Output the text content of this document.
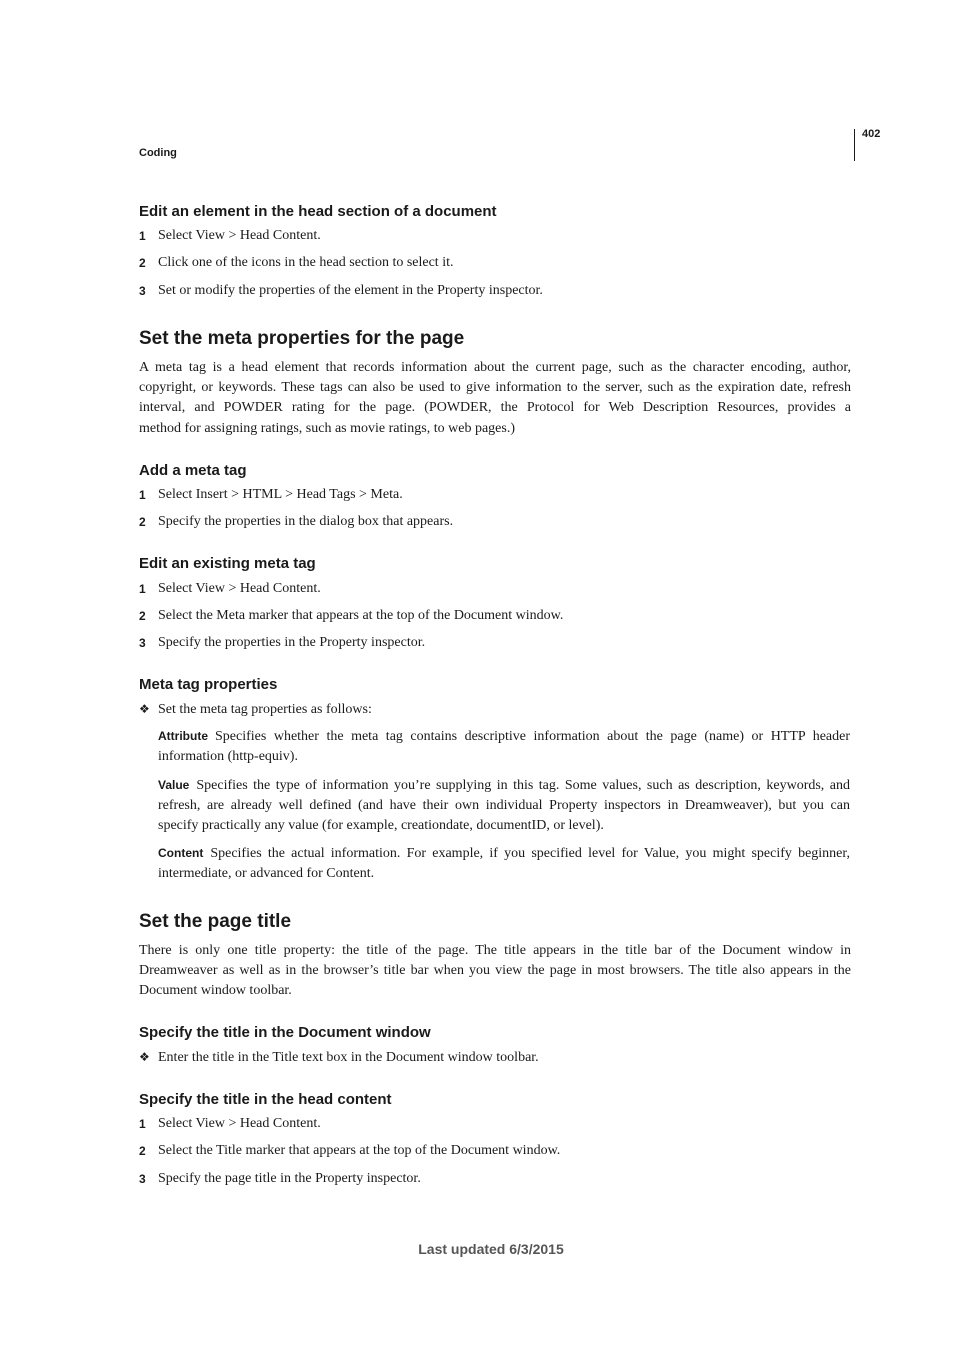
402
Coding
Edit an element in the head section of a document
1 Select View > Head Content.
2 Click one of the icons in the head section to select it.
3 Set or modify the properties of the element in the Property inspector.
Set the meta properties for the page
A meta tag is a head element that records information about the current page, such as the character encoding, author,
copyright, or keywords. These tags can also be used to give information to the server, such as the expiration date, refresh
interval, and POWDER rating for the page. (POWDER, the Protocol for Web Description Resources, provides a
method for assigning ratings, such as movie ratings, to web pages.)
Add a meta tag
1 Select Insert > HTML > Head Tags > Meta.
2 Specify the properties in the dialog box that appears.
Edit an existing meta tag
1 Select View > Head Content.
2 Select the Meta marker that appears at the top of the Document window.
3 Specify the properties in the Property inspector.
Meta tag properties
❖ Set the meta tag properties as follows:
Attribute Specifies whether the meta tag contains descriptive information about the page (name) or HTTP header
information (http-equiv).
Value Specifies the type of information you’re supplying in this tag. Some values, such as description, keywords, and
refresh, are already well defined (and have their own individual Property inspectors in Dreamweaver), but you can
specify practically any value (for example, creationdate, documentID, or level).
Content Specifies the actual information. For example, if you specified level for Value, you might specify beginner,
intermediate, or advanced for Content.
Set the page title
There is only one title property: the title of the page. The title appears in the title bar of the Document window in
Dreamweaver as well as in the browser’s title bar when you view the page in most browsers. The title also appears in the
Document window toolbar.
Specify the title in the Document window
❖ Enter the title in the Title text box in the Document window toolbar.
Specify the title in the head content
1 Select View > Head Content.
2 Select the Title marker that appears at the top of the Document window.
3 Specify the page title in the Property inspector.
Last updated 6/3/2015
